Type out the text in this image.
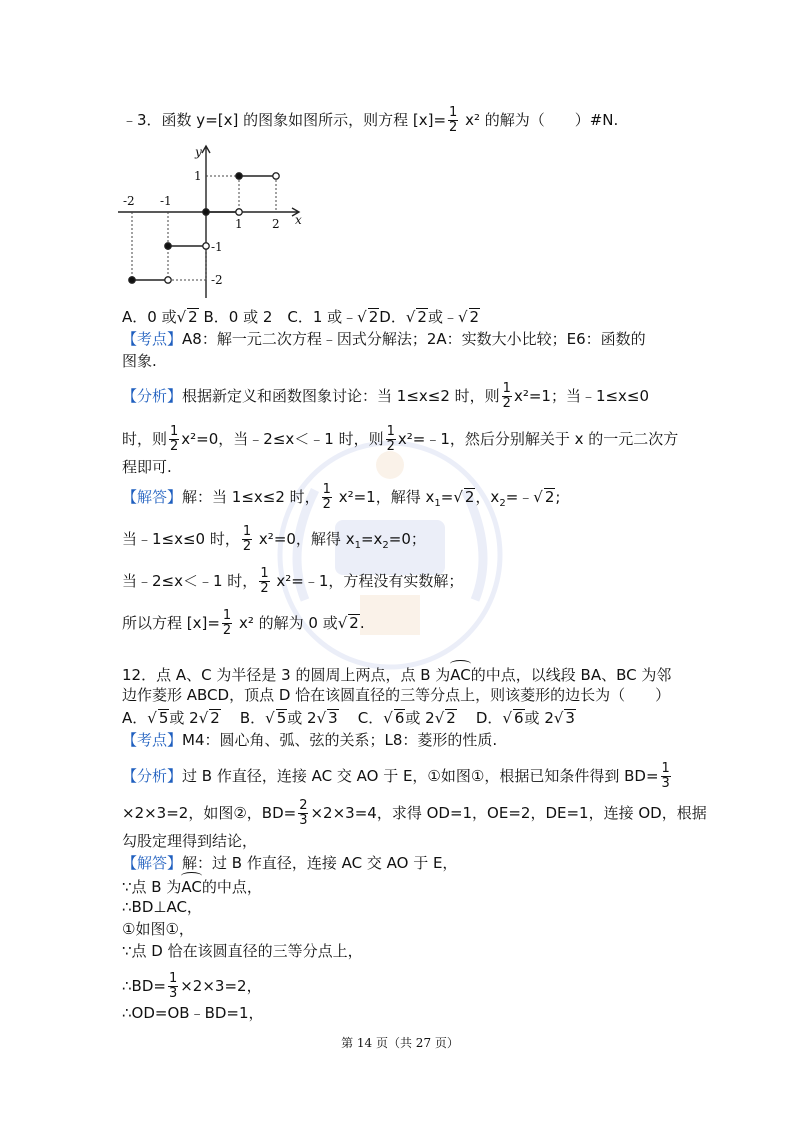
﹣3．函数 y=[x] 的图象如图所示，则方程 $[x]= \frac{1}{2} x^2$ 的解为（　　）#N.
y
x
-2 -1
1 2
1
-1
-2
A．0 或√ 2 B．0 或 2　C．1 或﹣√ 2D．√ 2或﹣√ 2
【考点】A8：解一元二次方程﹣因式分解法；2A：实数大小比较；E6：函数的
图象.
【分析】根据新定义和函数图象讨论：当 1≤x≤2 时，则 $\frac{1}{2} x^2=1$；当﹣1≤x≤0
时，则 $\frac{1}{2} x^2=0$，当﹣2≤x＜﹣1 时，则 $\frac{1}{2}$ x²=﹣1，然后分别解关于 x 的一元二次方
程即可.
【解答】解：当 1≤x≤2 时， $\frac{1}{2} x^2=1$，解得 $x_1=√$ 2，$x_2=﹣√$ 2;
当﹣1≤x≤0 时， $\frac{1}{2} x^2=0$，解得 $x_1=x_2=0$；
当﹣2≤x＜﹣1 时， $\frac{1}{2}$ x²=﹣1，方程没有实数解；
所以方程 $[x]= \frac{1}{2} x^2$ 的解为 0 或√ 2.
12．点 A、C 为半径是 3 的圆周上两点，点 B 为AC的中点，以线段 BA、BC 为邻
边作菱形 ABCD，顶点 D 恰在该圆直径的三等分点上，则该菱形的边长为（　　）
A．√ 5或 2√ 2 B．√ 5或 2√ 3 C．√ 6或 2√ 2 D．√ 6或 2√ 3
【考点】M4：圆心角、弧、弦的关系；L8：菱形的性质.
【分析】过 B 作直径，连接 AC 交 AO 于 E，①如图①，根据已知条件得到 $BD= \frac{1}{3}$
×2×3=2，如图②，$BD= \frac{2}{3} \times 2\times 3=4$，求得 OD=1，OE=2，DE=1，连接 OD，根据
勾股定理得到结论，
【解答】解：过 B 作直径，连接 AC 交 AO 于 E，
∵点 B 为AC的中点，
∴BD⊥AC，
①如图①，
∵点 D 恰在该圆直径的三等分点上，
∴BD= $\frac{1}{3} \times 2\times 3=2$，
∴OD=OB﹣BD=1，
第 14 页（共 27 页）
